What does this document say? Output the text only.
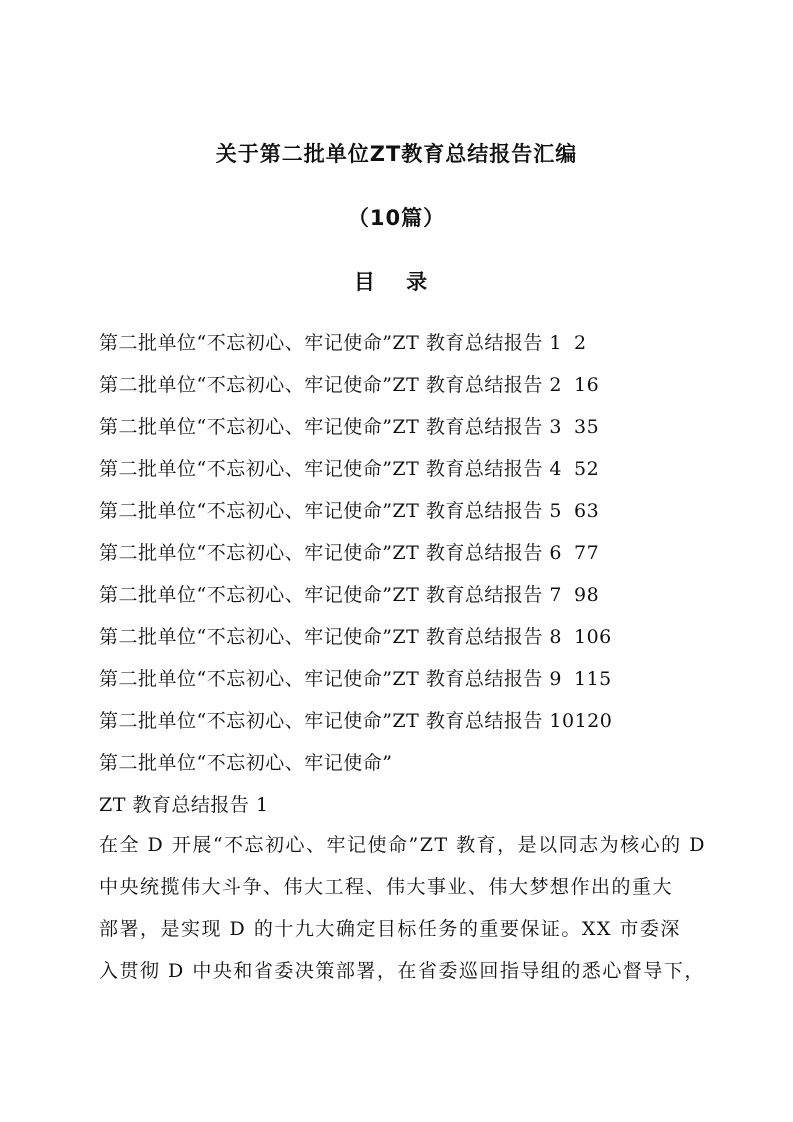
关于第二批单位ZT教育总结报告汇编
（10篇）
目 录
第二批单位“不忘初心、牢记使命”ZT 教育总结报告 1 2
第二批单位“不忘初心、牢记使命”ZT 教育总结报告 2 16
第二批单位“不忘初心、牢记使命”ZT 教育总结报告 3 35
第二批单位“不忘初心、牢记使命”ZT 教育总结报告 4 52
第二批单位“不忘初心、牢记使命”ZT 教育总结报告 5 63
第二批单位“不忘初心、牢记使命”ZT 教育总结报告 6 77
第二批单位“不忘初心、牢记使命”ZT 教育总结报告 7 98
第二批单位“不忘初心、牢记使命”ZT 教育总结报告 8 106
第二批单位“不忘初心、牢记使命”ZT 教育总结报告 9 115
第二批单位“不忘初心、牢记使命”ZT 教育总结报告 10120
第二批单位“不忘初心、牢记使命”
ZT 教育总结报告 1
在全 D 开展“不忘初心、牢记使命”ZT 教育，是以同志为核心的 D
中央统揽伟大斗争、伟大工程、伟大事业、伟大梦想作出的重大
部署，是实现 D 的十九大确定目标任务的重要保证。XX 市委深
入贯彻 D 中央和省委决策部署，在省委巡回指导组的悉心督导下，
